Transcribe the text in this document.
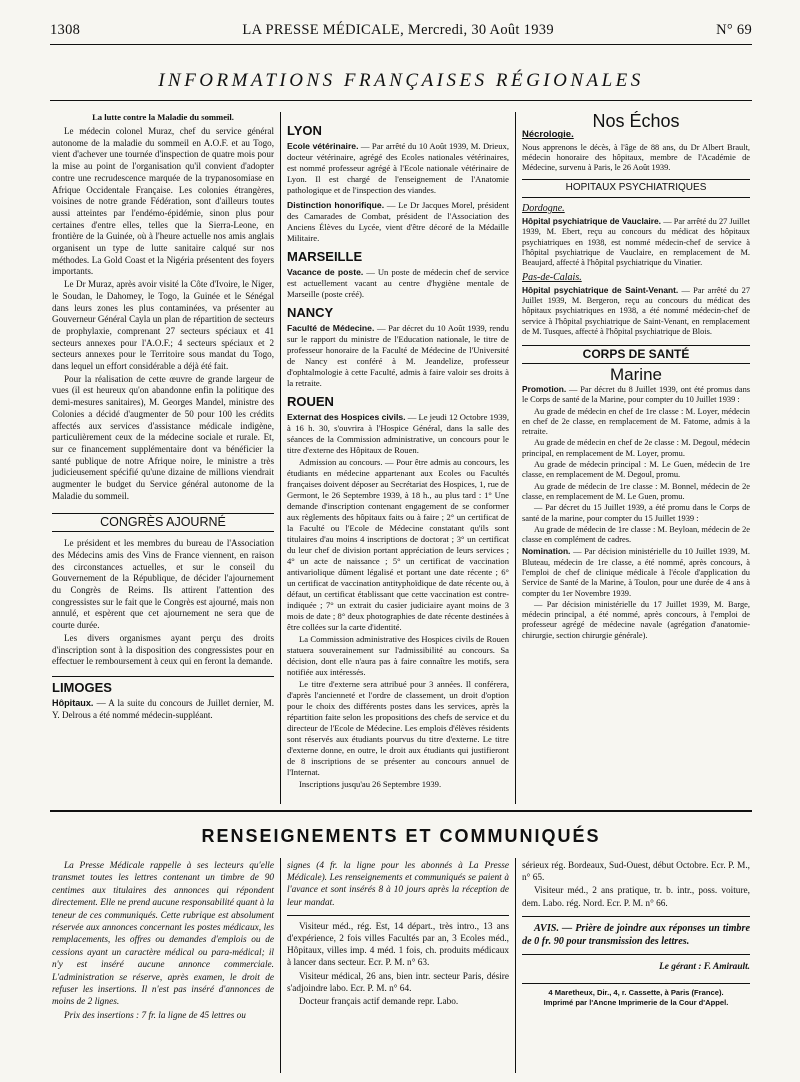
1308	LA PRESSE MÉDICALE, Mercredi, 30 Août 1939	N° 69
INFORMATIONS FRANÇAISES RÉGIONALES
La lutte contre la Maladie du sommeil.

Le médecin colonel Muraz, chef du service général autonome de la maladie du sommeil en A.O.F. et au Togo, vient d'achever une tournée d'inspection de quatre mois pour la mise au point de l'organisation qu'il convient d'adopter contre une recrudescence marquée de la trypanosomiase en Afrique Occidentale Française. Les colonies étrangères, voisines de notre grande Fédération, sont d'ailleurs toutes aussi atteintes par l'endémo-épidémie, sinon plus pour certaines d'entre elles, telles que la Sierra-Leone, en frontière de la Guinée, où à l'heure actuelle nos amis anglais organisent un type de lutte sanitaire calqué sur nos méthodes. La Gold Coast et la Nigéria présentent des foyers importants.

Le Dr Muraz, après avoir visité la Côte d'Ivoire, le Niger, le Soudan, le Dahomey, le Togo, la Guinée et le Sénégal dans leurs zones les plus contaminées, va présenter au Gouverneur Général Cayla un plan de répartition de secteurs de prophylaxie, comprenant 27 secteurs spéciaux et 41 secteurs annexes pour l'A.O.F.; 4 secteurs spéciaux et 2 secteurs annexes pour le Territoire sous mandat du Togo, dans lequel un effort considérable a déjà été fait.

Pour la réalisation de cette œuvre de grande largeur de vues (il est heureux qu'on abandonne enfin la politique des demi-mesures sanitaires), M. Georges Mandel, ministre des Colonies a décidé d'augmenter de 50 pour 100 les crédits affectés aux services d'assistance médicale indigène, particulièrement ceux de la médecine sociale et rurale. Et, sur ce financement supplémentaire dont va bénéficier la santé publique de notre Afrique noire, le ministre a très judicieusement spécifié qu'une dizaine de millions viendrait augmenter le budget du Service général autonome de la Maladie du sommeil.

CONGRÈS AJOURNÉ

Le président et les membres du bureau de l'Association des Médecins amis des Vins de France viennent, en raison des circonstances actuelles, et sur le conseil du Gouvernement de la République, de décider l'ajournement du Congrès de Reims. Ils attirent l'attention des congressistes sur le fait que le Congrès est ajourné, mais non annulé, et espèrent que cet ajournement ne sera que de courte durée.

Les divers organismes ayant perçu des droits d'inscription sont à la disposition des congressistes pour en effectuer le remboursement à ceux qui en feront la demande.

LIMOGES

Hôpitaux. — A la suite du concours de Juillet dernier, M. Y. Delrous a été nommé médecin-suppléant.

LYON

Ecole vétérinaire. — Par arrêté du 10 Août 1939, M. Drieux, docteur vétérinaire, agrégé des Ecoles nationales vétérinaires, est nommé professeur agrégé à l'Ecole nationale vétérinaire de Lyon. Il est chargé de l'enseignement de l'Anatomie pathologique et de l'inspection des viandes.

Distinction honorifique. — Le Dr Jacques Morel, président des Camarades de Combat, président de l'Association des Anciens Élèves du Lycée, vient d'être décoré de la Médaille Militaire.

MARSEILLE

Vacance de poste. — Un poste de médecin chef de service est actuellement vacant au centre d'hygiène mentale de Marseille (poste créé).

NANCY

Faculté de Médecine. — Par décret du 10 Août 1939, rendu sur le rapport du ministre de l'Education nationale, le titre de professeur honoraire de la Faculté de Médecine de l'Université de Nancy est conféré à M. Jeandelize, professeur d'ophtalmologie à cette Faculté, admis à faire valoir ses droits à la retraite.

ROUEN

Externat des Hospices civils. — Le jeudi 12 Octobre 1939, à 16 h. 30, s'ouvrira à l'Hospice Général, dans la salle des séances de la Commission administrative, un concours pour le titre d'externe des Hôpitaux de Rouen.

Admission au concours. — Pour être admis au concours, les étudiants en médecine appartenant aux Ecoles ou Facultés françaises doivent déposer au Secrétariat des Hospices, 1, rue de Germont, le 26 Septembre 1939, à 18 h., au plus tard : 1° Une demande d'inscription contenant engagement de se conformer aux règlements des hôpitaux faits ou à faire ; 2° un certificat de la Faculté ou l'Ecole de Médecine constatant qu'ils sont titulaires d'au moins 4 inscriptions de doctorat ; 3° un certificat du leur chef de division portant appréciation de leurs services ; 4° un acte de naissance ; 5° un certificat de vaccination antivariolique dûment légalisé et portant une date récente ; 6° un certificat de vaccination antityphoïdique de date récente ou, à défaut, un certificat établissant que cette vaccination est contre-indiquée ; 7° un extrait du casier judiciaire ayant moins de 3 mois de date ; 8° deux photographies de date récente destinées à être collées sur la carte d'identité.

La Commission administrative des Hospices civils de Rouen statuera souverainement sur l'admissibilité au concours. Sa décision, dont elle n'aura pas à faire connaître les motifs, sera notifiée aux intéressés.

Le titre d'externe sera attribué pour 3 années. Il conférera, d'après l'ancienneté et l'ordre de classement, un droit d'option pour le choix des différents postes dans les services, après la répartition faite selon les propositions des chefs de service et du directeur de l'Ecole de Médecine. Les emplois d'élèves résidents sont réservés aux étudiants pourvus du titre d'externe. Le titre d'externe donne, en outre, le droit aux étudiants qui justifieront de 8 inscriptions de se présenter au concours annuel de l'Internat.

Inscriptions jusqu'au 26 Septembre 1939.

Nos Échos
Nécrologie.

Nous apprenons le décès, à l'âge de 88 ans, du Dr Albert Brault, médecin honoraire des hôpitaux, membre de l'Académie de Médecine, survenu à Paris, le 26 Août 1939.

HOPITAUX PSYCHIATRIQUES
Dordogne.

Hôpital psychiatrique de Vauclaire. — Par arrêté du 27 Juillet 1939, M. Ebert, reçu au concours du médicat des hôpitaux psychiatriques en 1938, est nommé médecin-chef de service à l'hôpital psychiatrique de Vauclaire, en remplacement de M. Beaujard, affecté à l'hôpital psychiatrique du Vinatier.

Pas-de-Calais.

Hôpital psychiatrique de Saint-Venant. — Par arrêté du 27 Juillet 1939, M. Bergeron, reçu au concours du médicat des hôpitaux psychiatriques en 1938, a été nommé médecin-chef de service à l'hôpital psychiatrique de Saint-Venant, en remplacement de M. Tusques, affecté à l'hôpital psychiatrique de Blois.

CORPS DE SANTÉ
Marine

Promotion. — Par décret du 8 Juillet 1939, ont été promus dans le Corps de santé de la Marine, pour compter du 10 Juillet 1939 :

Au grade de médecin en chef de 1re classe : M. Loyer, médecin en chef de 2e classe, en remplacement de M. Fatome, admis à la retraite.

Au grade de médecin en chef de 2e classe : M. Degoul, médecin principal, en remplacement de M. Loyer, promu.

Au grade de médecin principal : M. Le Guen, médecin de 1re classe, en remplacement de M. Degoul, promu.

Au grade de médecin de 1re classe : M. Bonnel, médecin de 2e classe, en remplacement de M. Le Guen, promu.

— Par décret du 15 Juillet 1939, a été promu dans le Corps de santé de la marine, pour compter du 15 Juillet 1939 :

Au grade de médecin de 1re classe : M. Beyloan, médecin de 2e classe en complément de cadres.

Nomination. — Par décision ministérielle du 10 Juillet 1939, M. Bluteau, médecin de 1re classe, a été nommé, après concours, à l'emploi de chef de clinique médicale à l'école d'application du Service de Santé de la Marine, à Toulon, pour une durée de 4 ans à compter du 1er Novembre 1939.

— Par décision ministérielle du 17 Juillet 1939, M. Barge, médecin principal, a été nommé, après concours, à l'emploi de professeur agrégé de médecine navale (agrégation d'anatomie-chirurgie, section chirurgie générale).

RENSEIGNEMENTS ET COMMUNIQUÉS

La Presse Médicale rappelle à ses lecteurs qu'elle transmet toutes les lettres contenant un timbre de 90 centimes aux titulaires des annonces qui répondent directement. Elle ne prend aucune responsabilité quant à la teneur de ces communiqués. Cette rubrique est absolument réservée aux annonces concernant les postes médicaux, les remplacements, les offres ou demandes d'emplois ou de cessions ayant un caractère médical ou para-médical; il n'y est inséré aucune annonce commerciale. L'administration se réserve, après examen, le droit de refuser les insertions. Il n'est pas inséré d'annonces de moins de 2 lignes.

Prix des insertions : 7 fr. la ligne de 45 lettres ou

signes (4 fr. la ligne pour les abonnés à La Presse Médicale). Les renseignements et communiqués se paient à l'avance et sont insérés 8 à 10 jours après la réception de leur mandat.

Visiteur méd., rég. Est, 14 départ., très intro., 13 ans d'expérience, 2 fois villes Facultés par an, 3 Ecoles méd., Hôpitaux, villes imp. 4 méd. 1 fois, ch. produits médicaux à lancer dans secteur. Ecr. P. M. n° 63.

Visiteur médical, 26 ans, bien intr. secteur Paris, désire s'adjoindre labo. Ecr. P. M. n° 64.

Docteur français actif demande repr. Labo.

sérieux rég. Bordeaux, Sud-Ouest, début Octobre. Ecr. P. M., n° 65.

Visiteur méd., 2 ans pratique, tr. b. intr., poss. voiture, dem. Labo. rég. Nord. Ecr. P. M. n° 66.

AVIS. — Prière de joindre aux réponses un timbre de 0 fr. 90 pour transmission des lettres.

Le gérant : F. Amirault.
4 Maretheux, Dir., 4, r. Cassette, à Paris (France).
Imprimé par l'Ancne Imprimerie de la Cour d'Appel.
